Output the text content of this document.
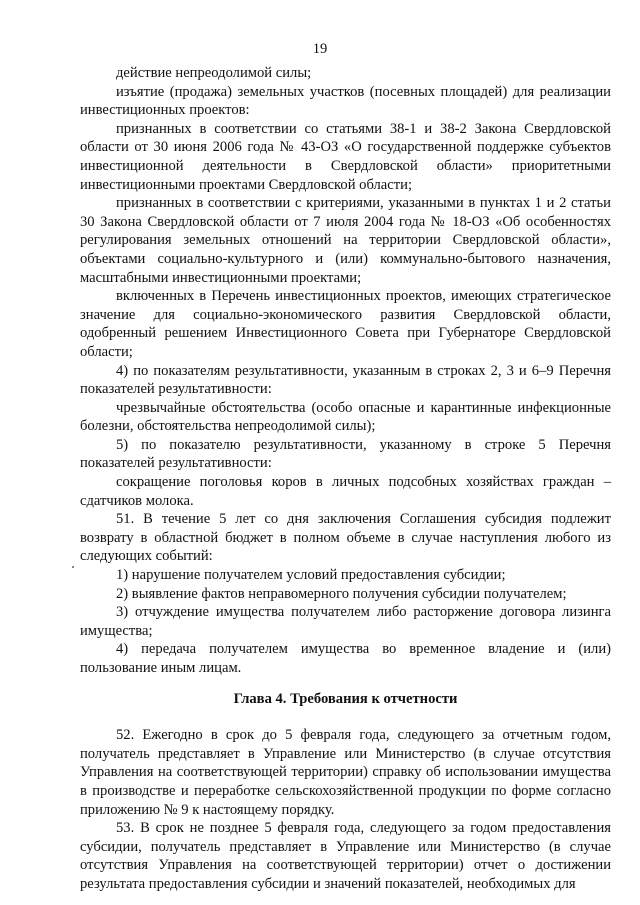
19

действие непреодолимой силы;

изъятие (продажа) земельных участков (посевных площадей) для реализации инвестиционных проектов:

признанных в соответствии со статьями 38-1 и 38-2 Закона Свердловской области от 30 июня 2006 года № 43-ОЗ «О государственной поддержке субъектов инвестиционной деятельности в Свердловской области» приоритетными инвестиционными проектами Свердловской области;

признанных в соответствии с критериями, указанными в пунктах 1 и 2 статьи 30 Закона Свердловской области от 7 июля 2004 года № 18-ОЗ «Об особенностях регулирования земельных отношений на территории Свердловской области», объектами социально-культурного и (или) коммунально-бытового назначения, масштабными инвестиционными проектами;

включенных в Перечень инвестиционных проектов, имеющих стратегическое значение для социально-экономического развития Свердловской области, одобренный решением Инвестиционного Совета при Губернаторе Свердловской области;

4) по показателям результативности, указанным в строках 2, 3 и 6–9 Перечня показателей результативности:

чрезвычайные обстоятельства (особо опасные и карантинные инфекционные болезни, обстоятельства непреодолимой силы);

5) по показателю результативности, указанному в строке 5 Перечня показателей результативности:

сокращение поголовья коров в личных подсобных хозяйствах граждан – сдатчиков молока.

51. В течение 5 лет со дня заключения Соглашения субсидия подлежит возврату в областной бюджет в полном объеме в случае наступления любого из следующих событий:

1) нарушение получателем условий предоставления субсидии;

2) выявление фактов неправомерного получения субсидии получателем;

3) отчуждение имущества получателем либо расторжение договора лизинга имущества;

4) передача получателем имущества во временное владение и (или) пользование иным лицам.

Глава 4. Требования к отчетности

52. Ежегодно в срок до 5 февраля года, следующего за отчетным годом, получатель представляет в Управление или Министерство (в случае отсутствия Управления на соответствующей территории) справку об использовании имущества в производстве и переработке сельскохозяйственной продукции по форме согласно приложению № 9 к настоящему порядку.

53. В срок не позднее 5 февраля года, следующего за годом предоставления субсидии, получатель представляет в Управление или Министерство (в случае отсутствия Управления на соответствующей территории) отчет о достижении результата предоставления субсидии и значений показателей, необходимых для
